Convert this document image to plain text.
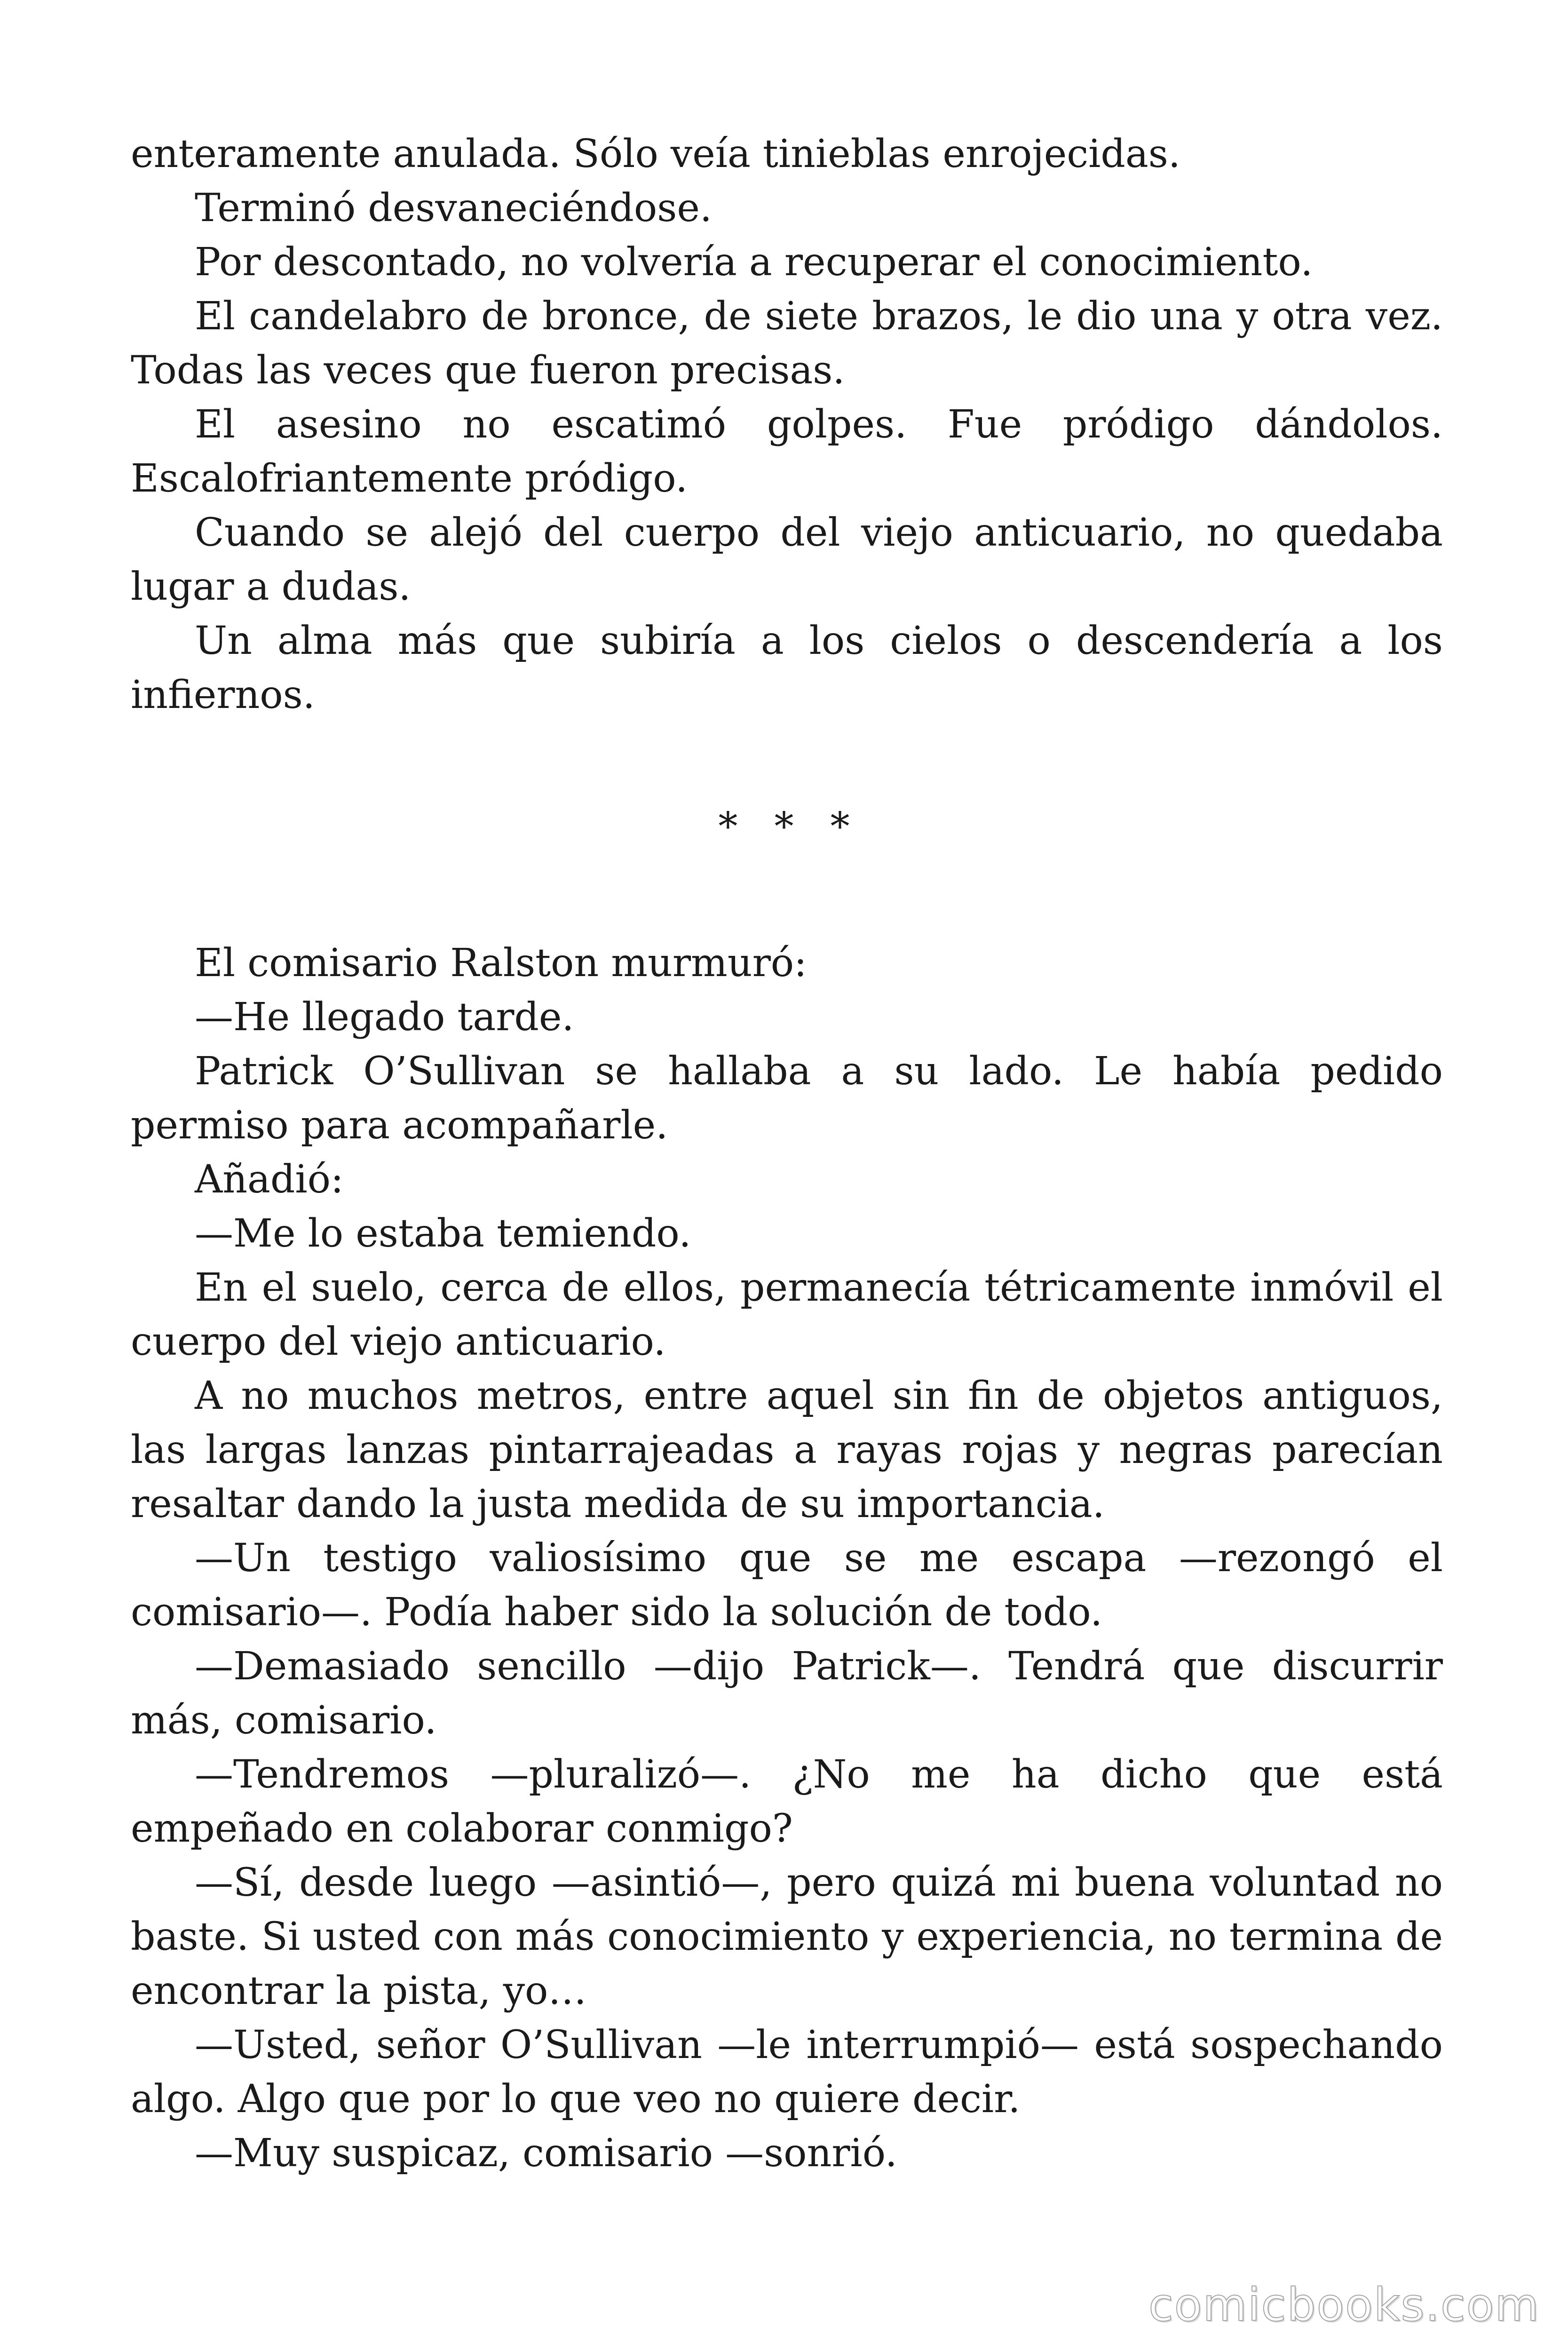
enteramente anulada. Sólo veía tinieblas enrojecidas.

Terminó desvaneciéndose.

Por descontado, no volvería a recuperar el conocimiento.

El candelabro de bronce, de siete brazos, le dio una y otra vez. Todas las veces que fueron precisas.

El asesino no escatimó golpes. Fue pródigo dándolos. Escalofriantemente pródigo.

Cuando se alejó del cuerpo del viejo anticuario, no quedaba lugar a dudas.

Un alma más que subiría a los cielos o descendería a los infiernos.

* * *

El comisario Ralston murmuró:

—He llegado tarde.

Patrick O’Sullivan se hallaba a su lado. Le había pedido permiso para acompañarle.

Añadió:

—Me lo estaba temiendo.

En el suelo, cerca de ellos, permanecía tétricamente inmóvil el cuerpo del viejo anticuario.

A no muchos metros, entre aquel sin fin de objetos antiguos, las largas lanzas pintarrajeadas a rayas rojas y negras parecían resaltar dando la justa medida de su importancia.

—Un testigo valiosísimo que se me escapa —rezongó el comisario—. Podía haber sido la solución de todo.

—Demasiado sencillo —dijo Patrick—. Tendrá que discurrir más, comisario.

—Tendremos —pluralizó—. ¿No me ha dicho que está empeñado en colaborar conmigo?

—Sí, desde luego —asintió—, pero quizá mi buena voluntad no baste. Si usted con más conocimiento y experiencia, no termina de encontrar la pista, yo…

—Usted, señor O’Sullivan —le interrumpió— está sospechando algo. Algo que por lo que veo no quiere decir.

—Muy suspicaz, comisario —sonrió.

comicbooks.com
